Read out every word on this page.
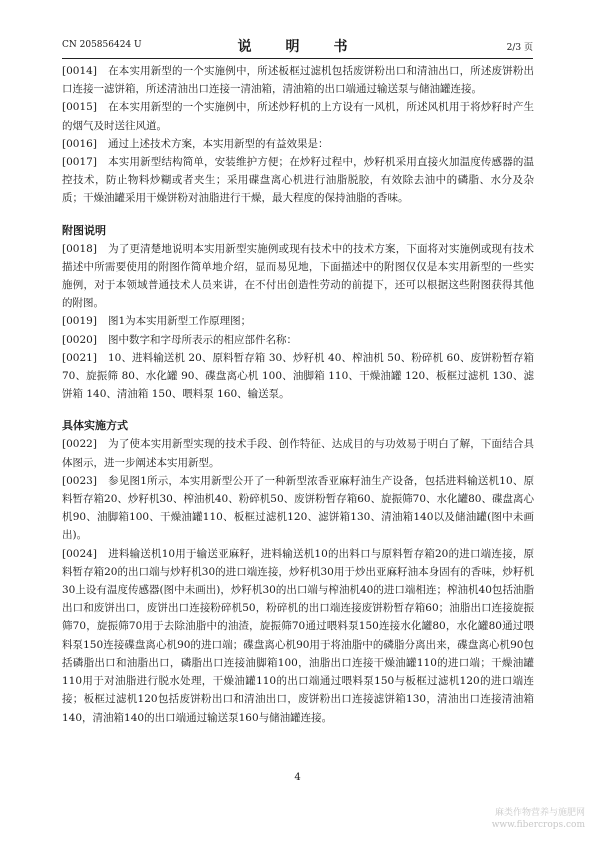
CN 205856424 U	说　明　书	2/3 页

[0014] 在本实用新型的一个实施例中，所述板框过滤机包括废饼粉出口和清油出口，所述废饼粉出口连接一滤饼箱，所述清油出口连接一清油箱，清油箱的出口端通过输送泵与储油罐连接。

[0015] 在本实用新型的一个实施例中，所述炒籽机的上方设有一风机，所述风机用于将炒籽时产生的烟气及时送往风道。

[0016] 通过上述技术方案，本实用新型的有益效果是：

[0017] 本实用新型结构简单，安装维护方便；在炒籽过程中，炒籽机采用直接火加温度传感器的温控技术，防止物料炒糊或者夹生；采用碟盘离心机进行油脂脱胶，有效除去油中的磷脂、水分及杂质；干燥油罐采用干燥饼粉对油脂进行干燥，最大程度的保持油脂的香味。

附图说明

[0018] 为了更清楚地说明本实用新型实施例或现有技术中的技术方案，下面将对实施例或现有技术描述中所需要使用的附图作简单地介绍，显而易见地，下面描述中的附图仅仅是本实用新型的一些实施例，对于本领域普通技术人员来讲，在不付出创造性劳动的前提下，还可以根据这些附图获得其他的附图。

[0019] 图1为本实用新型工作原理图；

[0020] 图中数字和字母所表示的相应部件名称：

[0021] 10、进料输送机 20、原料暂存箱 30、炒籽机 40、榨油机 50、粉碎机 60、废饼粉暂存箱 70、旋振筛 80、水化罐 90、碟盘离心机 100、油脚箱 110、干燥油罐 120、板框过滤机 130、滤饼箱 140、清油箱 150、喂料泵 160、输送泵。

具体实施方式

[0022] 为了使本实用新型实现的技术手段、创作特征、达成目的与功效易于明白了解，下面结合具体图示，进一步阐述本实用新型。

[0023] 参见图1所示，本实用新型公开了一种新型浓香亚麻籽油生产设备，包括进料输送机10、原料暂存箱20、炒籽机30、榨油机40、粉碎机50、废饼粉暂存箱60、旋振筛70、水化罐80、碟盘离心机90、油脚箱100、干燥油罐110、板框过滤机120、滤饼箱130、清油箱140以及储油罐(图中未画出)。

[0024] 进料输送机10用于输送亚麻籽，进料输送机10的出料口与原料暂存箱20的进口端连接，原料暂存箱20的出口端与炒籽机30的进口端连接，炒籽机30用于炒出亚麻籽油本身固有的香味，炒籽机30上设有温度传感器(图中未画出)，炒籽机30的出口端与榨油机40的进口端相连；榨油机40包括油脂出口和废饼出口，废饼出口连接粉碎机50，粉碎机的出口端连接废饼粉暂存箱60；油脂出口连接旋振筛70，旋振筛70用于去除油脂中的油渣，旋振筛70通过喂料泵150连接水化罐80，水化罐80通过喂料泵150连接碟盘离心机90的进口端；碟盘离心机90用于将油脂中的磷脂分离出来，碟盘离心机90包括磷脂出口和油脂出口，磷脂出口连接油脚箱100，油脂出口连接干燥油罐110的进口端；干燥油罐110用于对油脂进行脱水处理，干燥油罐110的出口端通过喂料泵150与板框过滤机120的进口端连接；板框过滤机120包括废饼粉出口和清油出口，废饼粉出口连接滤饼箱130，清油出口连接清油箱140，清油箱140的出口端通过输送泵160与储油罐连接。

4
麻类作物营养与施肥网
www.fibercrops.com
